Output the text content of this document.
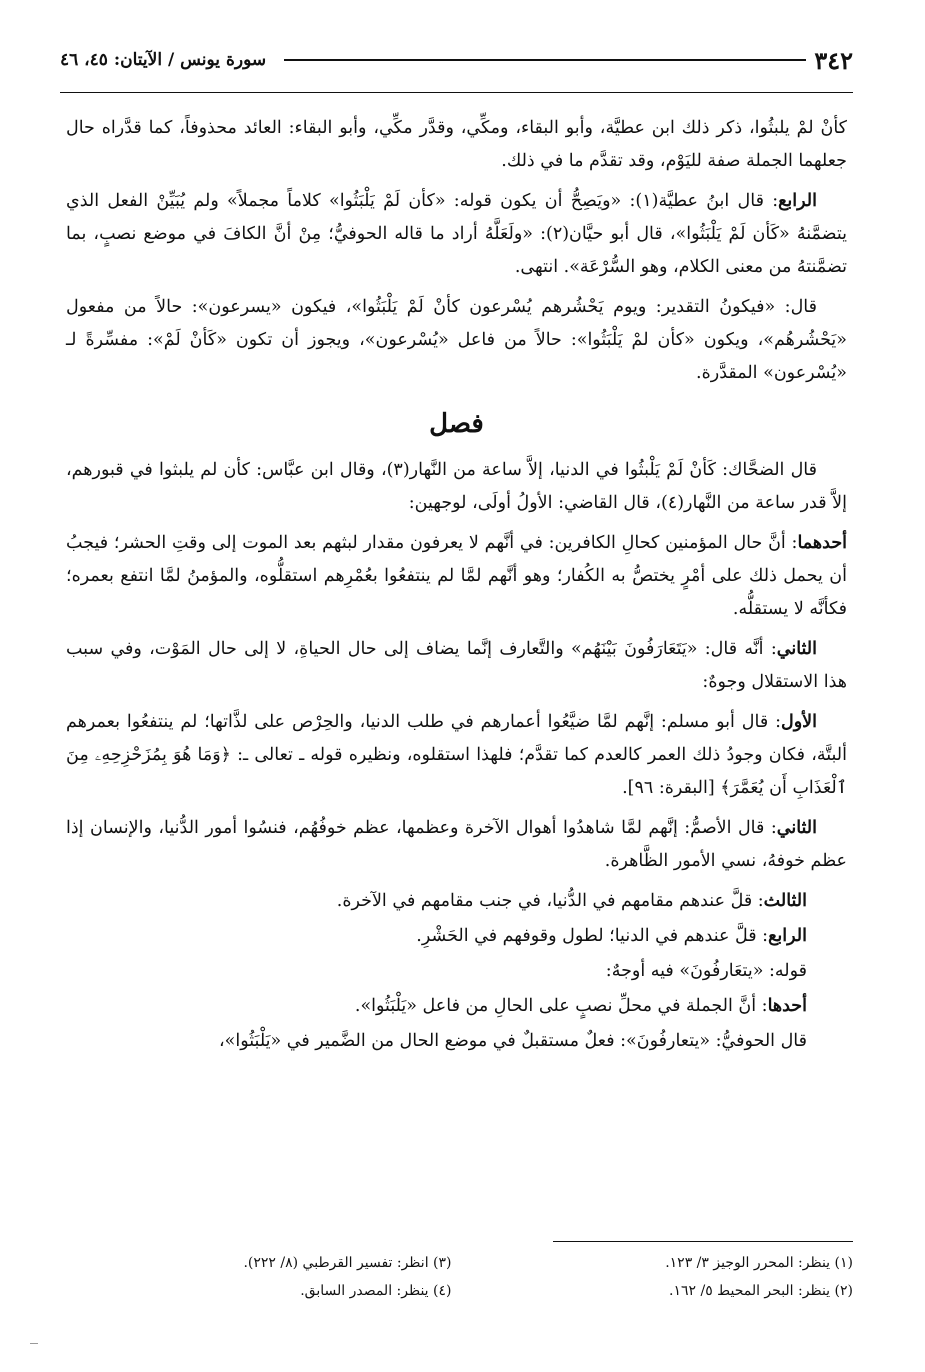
٣٤٢
سورة يونس / الآيتان: ٤٥، ٤٦

كأنْ لمْ يلبثُوا، ذكر ذلك ابن عطيَّة، وأبو البقاء، ومكِّي، وقدَّر مكِّي، وأبو البقاء: العائد محذوفاً، كما قدَّراه حال جعلهما الجملة صفة لليَوْم، وقد تقدَّم ما في ذلك.

الرابع: قال ابنُ عطيَّة(١): «ويَصِحُّ أن يكون قوله: «كأن لَمْ يَلْبَثُوا» كلاماً مجملاً» ولم يُبَيِّنْ الفعل الذي يتضمَّنهُ «كَأن لَمْ يَلْبَثُوا»، قال أبو حيَّان(٢): «ولَعَلَّهُ أراد ما قاله الحوفيُّ؛ مِنْ أنَّ الكافَ في موضع نصبٍ، بما تضمَّنتهُ من معنى الكلام، وهو السُّرْعَة». انتهى.

قال: «فيكونُ التقدير: ويوم يَحْشُرهم يُسْرعون كأنْ لَمْ يَلْبَثُوا»، فيكون «يسرعون»: حالاً من مفعول «يَحْشُرهُم»، ويكون «كأن لمْ يَلْبَثُوا»: حالاً من فاعل «يُسْرعون»، ويجوز أن تكون «كَأنْ لَمْ»: مفسِّرةً لـ «يُسْرعون» المقدَّرة.

فصل

قال الضحَّاك: كَأنْ لَمْ يَلْبثُوا في الدنيا، إلاَّ ساعة من النَّهار(٣)، وقال ابن عبَّاس: كأن لم يلبثوا في قبورهم، إلاَّ قدر ساعة من النَّهار(٤)، قال القاضي: الأولُ أولَى، لوجهين:

أحدهما: أنَّ حال المؤمنين كحالِ الكافرين: في أنَّهم لا يعرفون مقدار لبثهم بعد الموت إلى وقتِ الحشر؛ فيجبُ أن يحمل ذلك على أمْرٍ يختصُّ به الكُفار؛ وهو أنَّهم لمَّا لم ينتفعُوا بعُمْرِهم استقلُّوه، والمؤمنُ لمَّا انتفع بعمره؛ فكأنَّه لا يستقلُّه.

الثاني: أنَّه قال: «يَتَعَارَفُونَ بَيْنَهُم» والتَّعارف إنَّما يضاف إلى حال الحياةِ، لا إلى حال المَوْت، وفي سبب هذا الاستقلال وجوهٌ:

الأول: قال أبو مسلم: إنَّهم لمَّا ضيَّعُوا أعمارهم في طلب الدنيا، والحِرْص على لذَّاتها؛ لم ينتفعُوا بعمرهم ألبتَّة، فكان وجودُ ذلك العمر كالعدم كما تقدَّم؛ فلهذا استقلوه، ونظيره قوله ـ تعالى ـ: ﴿وَمَا هُوَ بِمُزَحْزِحِهِۦ مِنَ ٱلْعَذَابِ أَن يُعَمَّرَ﴾ [البقرة: ٩٦].

الثاني: قال الأصمُّ: إنَّهم لمَّا شاهدُوا أهوال الآخرة وعظمها، عظم خوفُهُم، فنسُوا أمور الدُّنيا، والإنسان إذا عظم خوفهُ، نسي الأمور الظَّاهرة.

الثالث: قلَّ عندهم مقامهم في الدُّنيا، في جنب مقامهم في الآخرة.

الرابع: قلَّ عندهم في الدنيا؛ لطول وقوفهم في الحَشْرِ.

قوله: «يتعَارفُونَ» فيه أوجهٌ:

أحدها: أنَّ الجملة في محلِّ نصبٍ على الحالِ من فاعل «يَلْبَثُوا».

قال الحوفيُّ: «يتعارفُونَ»: فعلٌ مستقبلٌ في موضع الحال من الضَّمير في «يَلْبَثُوا»،

(١) ينظر: المحرر الوجيز ٣/ ١٢٣.
(٣) انظر: تفسير القرطبي (٨/ ٢٢٢).
(٢) ينظر: البحر المحيط ٥/ ١٦٢.
(٤) ينظر: المصدر السابق.
